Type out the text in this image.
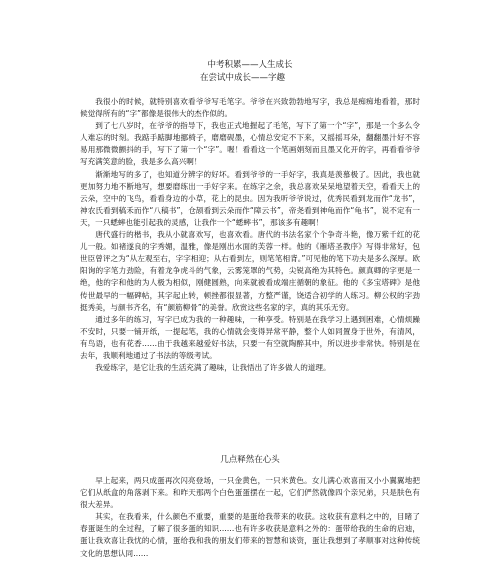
中考积累——人生成长
在尝试中成长——字趣

我很小的时候，就特别喜欢看爷爷写毛笔字。爷爷在兴致勃勃地写字，我总是痴痴地看着，那时候觉得所有的“字”都像是很伟大的杰作似的。

到了七八岁时，在爷爷的指导下，我也正式地握起了毛笔，写下了第一个“字”，那是一个多么令人难忘的时刻。我踮手踮脚地挪椅子，磨磨砚墨，心情总安定不下来，又摇摇耳朵，翻翻墨汁好不容易用那微微颤抖的手，写下了第一个“字”。喔！看看这一个笔画娟刻而且墨又化开的字，再看看爷爷写充满笑意的脸，我是多么高兴啊！

渐渐地写的多了，也知道分辨字的好坏。看到爷爷的一手好字，我真是羡慕极了。因此，我也就更加努力地不断地写，想要磨练出一手好字来。在练字之余，我总喜欢呆呆地望着天空，看看天上的云朵，空中的飞鸟，看看身边的小草，花上的昆虫。因为我听爷爷说过，优秀民看到龙而作“龙书”，神农氏看到稿禾而作“八稿书”，仓颉看到云朵而作“障云书”，帝尧看到神龟而作“龟书”，说不定有一天，一只蟋蟀也能引起我的灵感，让我作一个“蟋蟀书”，那该多有趣啊！

唐代盛行的楷书，我从小就喜欢写，也喜欢看。唐代的书法名家个个争奇斗艳，像万紫千红的花儿一般。如褚遂良的字秀媚，温雅，像是刚出水面的芙蓉一样。他的《雁塔圣教序》写得非常好，包世臣曾评之为“从左观至右，字字相迎；从右看到左，则笔笔相背。”可见他的笔下功夫是多么深厚。欧阳询的字笔力劲险，有着龙争虎斗的气象，云雾笼罩的气势，尖锐高绝为其特色。颜真卿的字更是一绝，他的字和他的为人极为相似，刚健圆熟，向来就被看成端庄循朝的象征。他的《多宝塔碑》是他传世最早的一幅碑帖，其字起止转，顿挫都很显著，方整严谨，饶适合初学的人练习。柳公权的字劲挺秀美，与颜书齐名，有“颜筋柳骨”的美誉。欣赏这些名家的字，真的其乐无穷。

通过多年的练习，写字已成为我的一种趣味，一种享受。特别是在我学习上遇到困难，心情烦躁不安时，只要一铺开纸，一提起笔，我的心情就会变得异常平静，整个人如同置身于世外，有清风，有鸟语，也有花香……由于我越来越爱好书法，只要一有空就陶醉其中，所以进步非常快。特别是在去年，我顺利地通过了书法的等级考试。

我爱练字，是它让我的生活充满了趣味，让我悟出了许多做人的道理。

几点释然在心头

早上起来，两只成蛋再次闪亮登场，一只金黄色，一只米黄色。女儿满心欢喜而又小小翼翼地把它们从纸盒的角落剥下来。和昨天那两个白色蛋蛋摆在一起，它们俨然就像四个亲兄弟，只是肤色有很大差异。

其实，在我看来，什么颜色不重要，重要的是蛋给我带来的收获。这收获有意料之中的，目睹了春蛋诞生的全过程，了解了很多蛋的知识……也有许多收获是意料之外的：蛋带给我的生命的启迪，蛋让我欢喜让我忧的心情，蛋给我和我的朋友们带来的智慧和谈资，蛋让我想到了孝顺事对这种传统文化的思想认同……
